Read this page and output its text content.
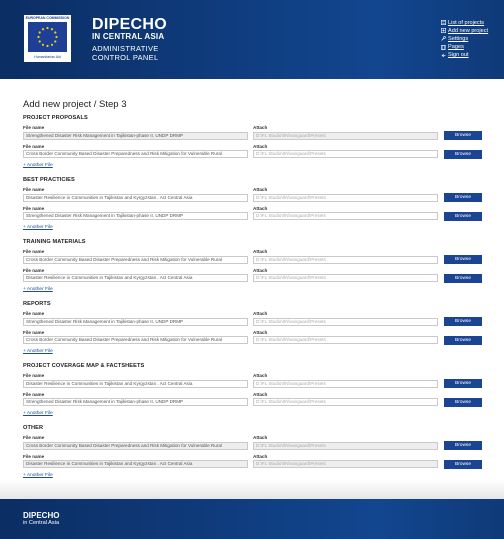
EUROPEAN COMMISSION
Humanitarian Aid
DIPECHO
IN CENTRAL ASIA
ADMINISTRATIVE
CONTROL PANEL
List of projects
Add new project
Settings
Pages
Sign out
Add new project / Step 3
PROJECT PROPOSALS
File name	Attach
Strengthened Disaster Risk Management in Tajikistan-phase II, UNDP DRMP	D:\FL Studio\rlN\vanguard\Presets	Browse
File name	Attach
Cross Border Community Based Disaster Preparedness and Risk Mitigation for Vulnerable Rural	D:\FL Studio\rlN\vanguard\Presets	Browse
+ Another File
BEST PRACTICIES
File name	Attach
Disaster Resilience in Communities in Tajikistan and Kyrgyzstan . Act Central Asia	D:\FL Studio\rlN\vanguard\Presets	Browse
File name	Attach
Strengthened Disaster Risk Management in Tajikistan-phase II, UNDP DRMP	D:\FL Studio\rlN\vanguard\Presets	Browse
+ Another File
TRAINING MATERIALS
File name	Attach
Cross Border Community Based Disaster Preparedness and Risk Mitigation for Vulnerable Rural	D:\FL Studio\rlN\vanguard\Presets	Browse
File name	Attach
Disaster Resilience in Communities in Tajikistan and Kyrgyzstan . Act Central Asia	D:\FL Studio\rlN\vanguard\Presets	Browse
+ Another File
REPORTS
File name	Attach
Strengthened Disaster Risk Management in Tajikistan-phase II, UNDP DRMP	D:\FL Studio\rlN\vanguard\Presets	Browse
File name	Attach
Cross Border Community Based Disaster Preparedness and Risk Mitigation for Vulnerable Rural	D:\FL Studio\rlN\vanguard\Presets	Browse
+ Another File
PROJECT COVERAGE MAP & FACTSHEETS
File name	Attach
Disaster Resilience in Communities in Tajikistan and Kyrgyzstan . Act Central Asia	D:\FL Studio\rlN\vanguard\Presets	Browse
File name	Attach
Strengthened Disaster Risk Management in Tajikistan-phase II, UNDP DRMP	D:\FL Studio\rlN\vanguard\Presets	Browse
+ Another File
OTHER
File name	Attach
Cross Border Community Based Disaster Preparedness and Risk Mitigation for Vulnerable Rural	D:\FL Studio\rlN\vanguard\Presets	Browse
File name	Attach
Disaster Resilience in Communities in Tajikistan and Kyrgyzstan . Act Central Asia	D:\FL Studio\rlN\vanguard\Presets	Browse
+ Another File
DIPECHO
in Central Asia
